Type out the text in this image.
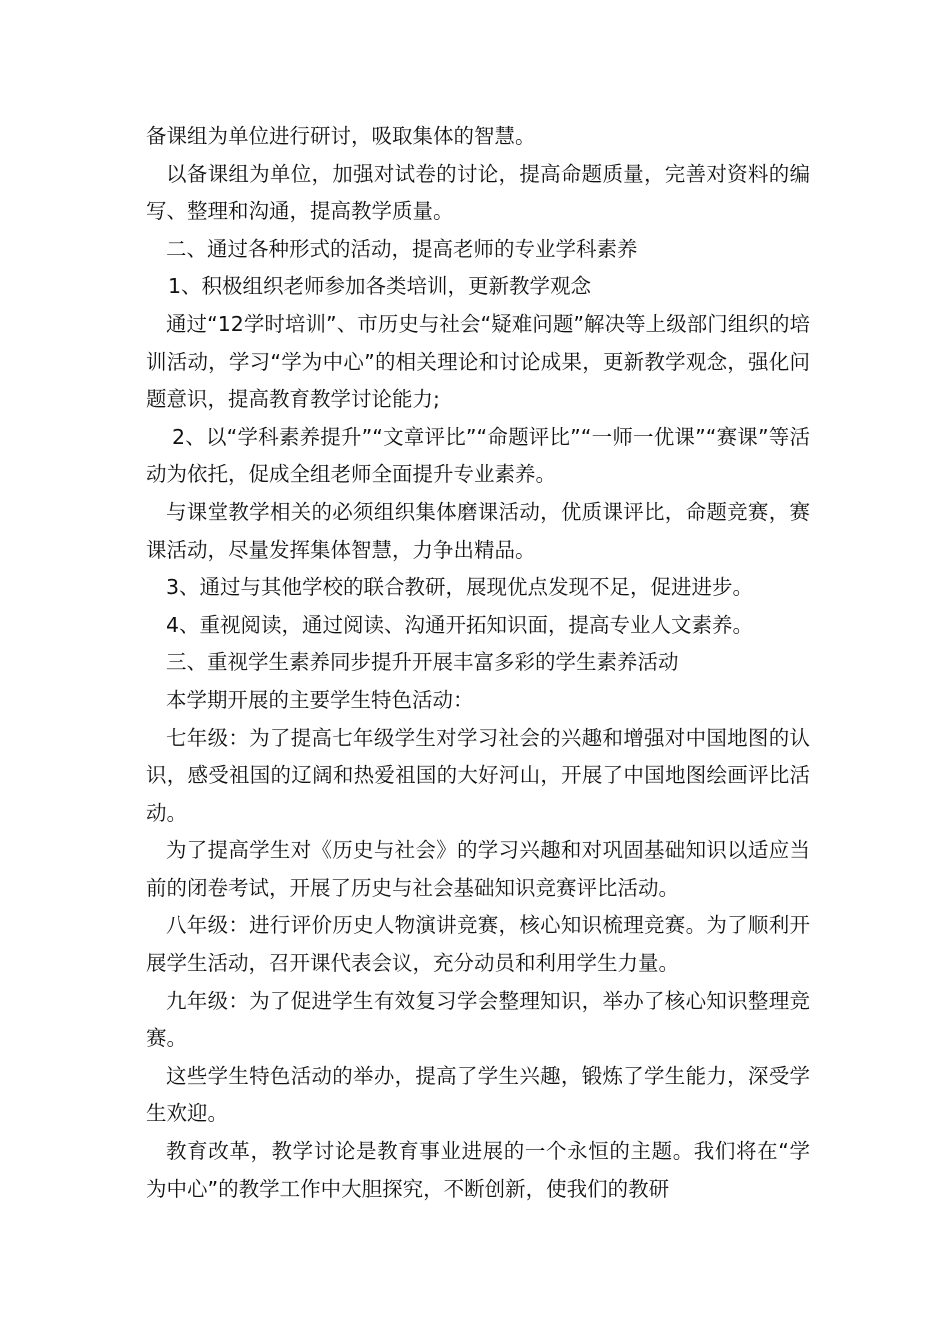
备课组为单位进行研讨，吸取集体的智慧。

以备课组为单位，加强对试卷的讨论，提高命题质量，完善对资料的编写、整理和沟通，提高教学质量。

二、通过各种形式的活动，提高老师的专业学科素养

1、积极组织老师参加各类培训，更新教学观念

通过“12学时培训”、市历史与社会“疑难问题”解决等上级部门组织的培训活动，学习“学为中心”的相关理论和讨论成果，更新教学观念，强化问题意识，提高教育教学讨论能力;

2、以“学科素养提升”“文章评比”“命题评比”“一师一优课”“赛课”等活动为依托，促成全组老师全面提升专业素养。

与课堂教学相关的必须组织集体磨课活动，优质课评比，命题竞赛，赛课活动，尽量发挥集体智慧，力争出精品。

3、通过与其他学校的联合教研，展现优点发现不足，促进进步。

4、重视阅读，通过阅读、沟通开拓知识面，提高专业人文素养。

三、重视学生素养同步提升开展丰富多彩的学生素养活动

本学期开展的主要学生特色活动：

七年级：为了提高七年级学生对学习社会的兴趣和增强对中国地图的认识，感受祖国的辽阔和热爱祖国的大好河山，开展了中国地图绘画评比活动。

为了提高学生对《历史与社会》的学习兴趣和对巩固基础知识以适应当前的闭卷考试，开展了历史与社会基础知识竞赛评比活动。

八年级：进行评价历史人物演讲竞赛，核心知识梳理竞赛。为了顺利开展学生活动，召开课代表会议，充分动员和利用学生力量。

九年级：为了促进学生有效复习学会整理知识，举办了核心知识整理竞赛。

这些学生特色活动的举办，提高了学生兴趣，锻炼了学生能力，深受学生欢迎。

教育改革，教学讨论是教育事业进展的一个永恒的主题。我们将在“学为中心”的教学工作中大胆探究，不断创新，使我们的教研
